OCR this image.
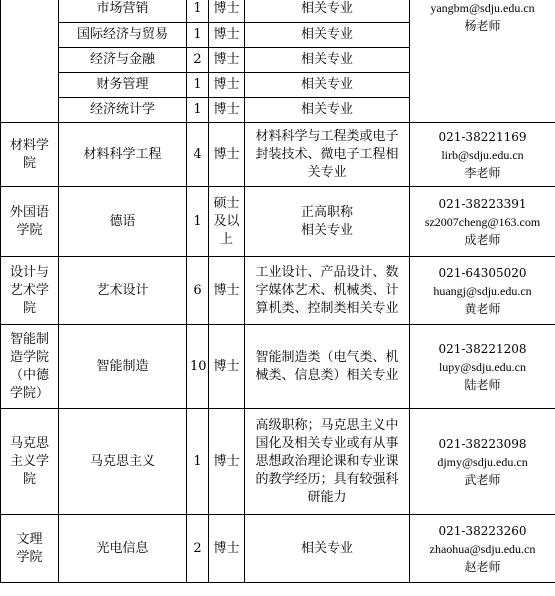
	市场营销	1	博士	相关专业	yangbm@sdju.edu.cn
杨老师

	国际经济与贸易	1	博士	相关专业	
	经济与金融	2	博士	相关专业	
	财务管理	1	博士	相关专业	
	经济统计学	1	博士	相关专业	

材料学
院	材料科学工程	4	博士	材料科学与工程类或电子
封装技术、微电子工程相
关专业	021-38221169
lirb@sdju.edu.cn
李老师

外国语
学院	德语	1	硕士
及以
上	正高职称
相关专业	021-38223391
sz2007cheng@163.com
成老师

设计与
艺术学
院	艺术设计	6	博士	工业设计、产品设计、数
字媒体艺术、机械类、计
算机类、控制类相关专业	021-64305020
huangj@sdju.edu.cn
黄老师

智能制
造学院
（中德
学院）	智能制造	10	博士	智能制造类（电气类、机
械类、信息类）相关专业	021-38221208
lupy@sdju.edu.cn
陆老师

马克思
主义学
院	马克思主义	1	博士	高级职称；马克思主义中
国化及相关专业或有从事
思想政治理论课和专业课
的教学经历；具有较强科
研能力	021-38223098
djmy@sdju.edu.cn
武老师

文理
学院	光电信息	2	博士	相关专业	021-38223260
zhaohua@sdju.edu.cn
赵老师
